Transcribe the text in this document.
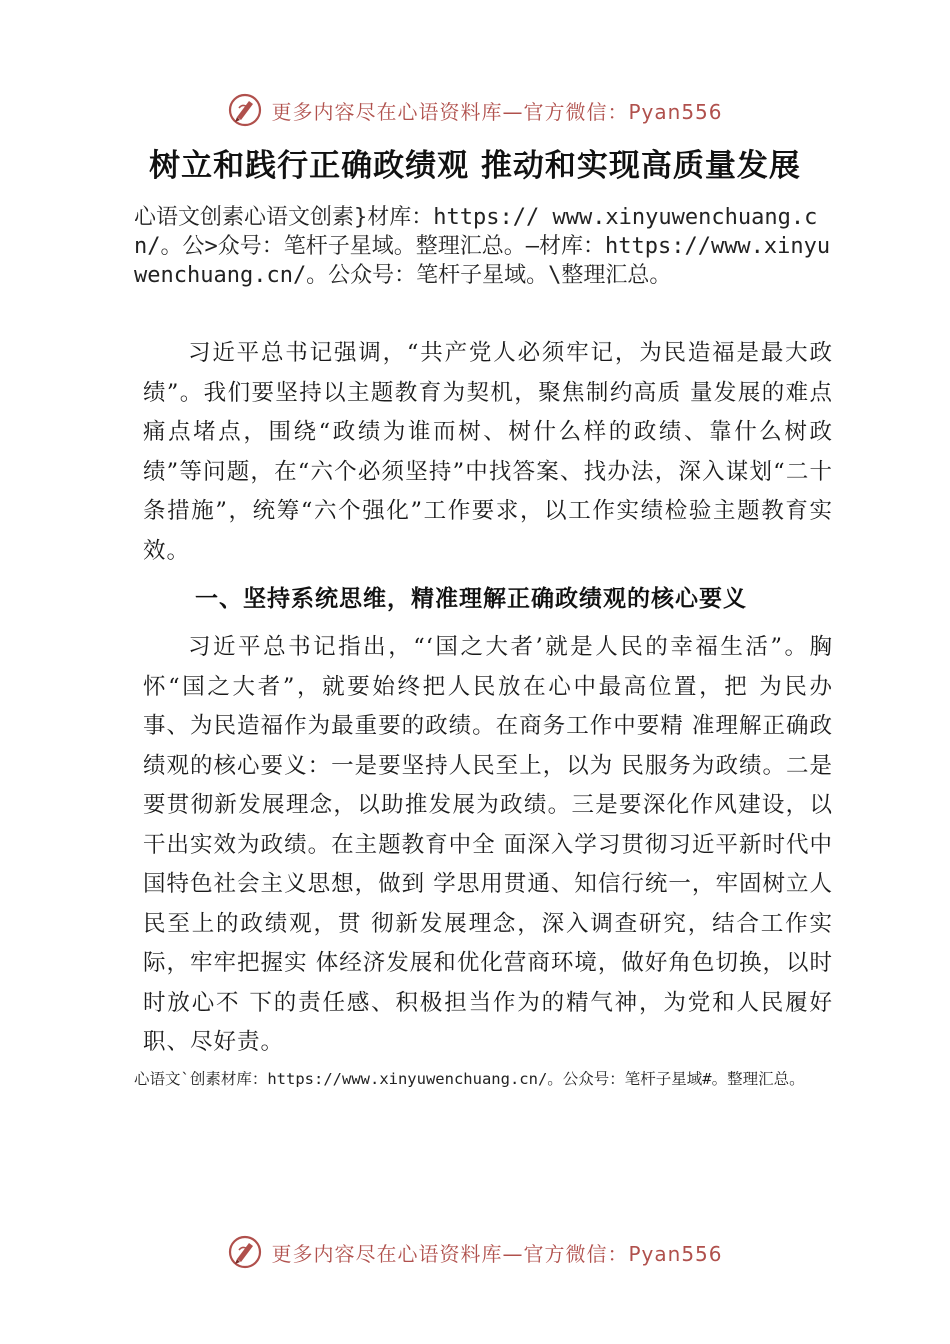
更多内容尽在心语资料库—官方微信：Pyan556
树立和践行正确政绩观 推动和实现高质量发展

心语文创素心语文创素}材库：https:// www.xinyuwenchuang.cn/。公>众号：笔杆子星域。整理汇总。—材库：https://www.xinyuwenchuang.cn/。公众号：笔杆子星域。\整理汇总。

习近平总书记强调，“共产党人必须牢记，为民造福是最大政绩”。我们要坚持以主题教育为契机，聚焦制约高质 量发展的难点痛点堵点，围绕“政绩为谁而树、树什么样的政绩、靠什么树政绩”等问题，在“六个必须坚持”中找答案、找办法，深入谋划“二十条措施”，统筹“六个强化”工作要求，以工作实绩检验主题教育实效。

一、坚持系统思维，精准理解正确政绩观的核心要义

习近平总书记指出，“‘国之大者’就是人民的幸福生活”。胸怀“国之大者”，就要始终把人民放在心中最高位置，把 为民办事、为民造福作为最重要的政绩。在商务工作中要精 准理解正确政绩观的核心要义：一是要坚持人民至上，以为 民服务为政绩。二是要贯彻新发展理念，以助推发展为政绩。三是要深化作风建设，以干出实效为政绩。在主题教育中全 面深入学习贯彻习近平新时代中国特色社会主义思想，做到 学思用贯通、知信行统一，牢固树立人民至上的政绩观，贯 彻新发展理念，深入调查研究，结合工作实际，牢牢把握实 体经济发展和优化营商环境，做好角色切换，以时时放心不 下的责任感、积极担当作为的精气神，为党和人民履好职、尽好责。

心语文`创素材库：https://www.xinyuwenchuang.cn/。公众号：笔杆子星域#。整理汇总。

更多内容尽在心语资料库—官方微信：Pyan556
